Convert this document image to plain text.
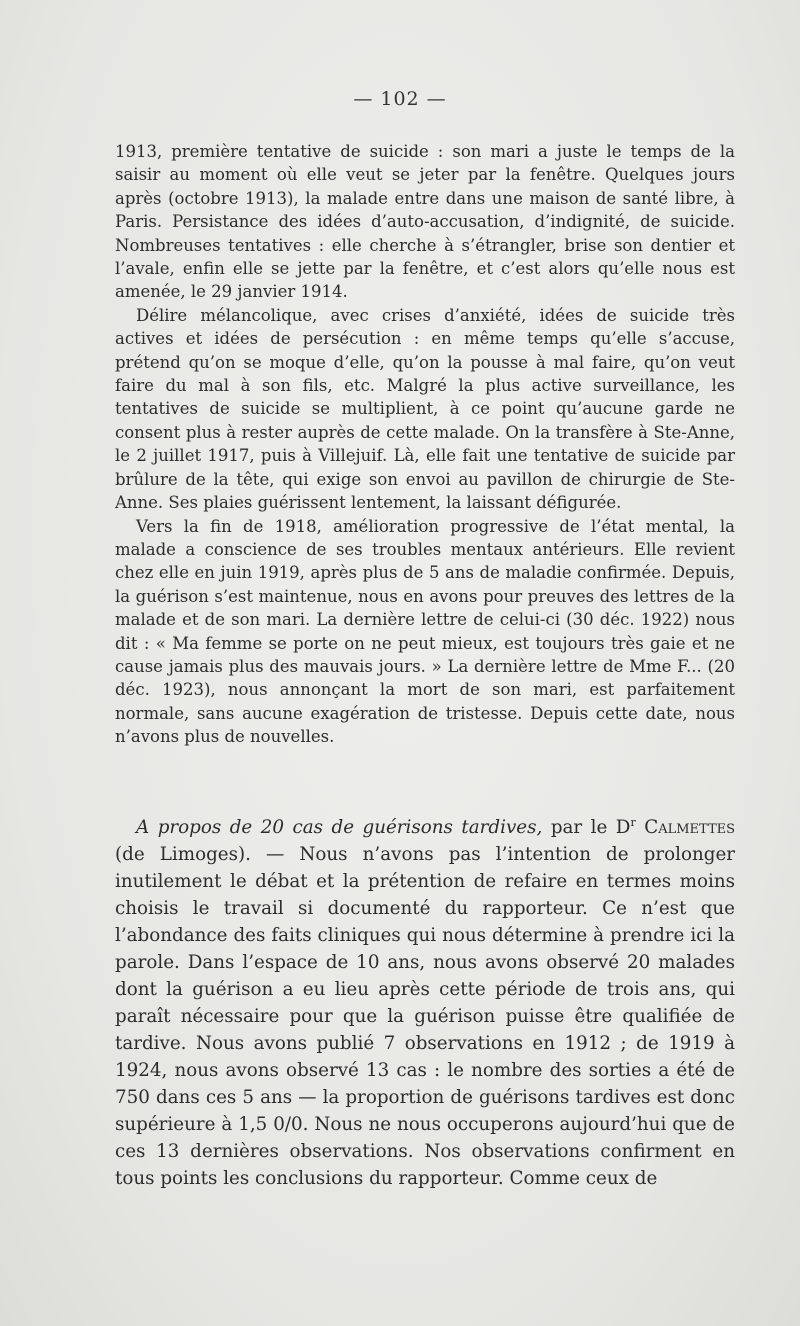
— 102 —

1913, première tentative de suicide : son mari a juste le temps de la saisir au moment où elle veut se jeter par la fenêtre. Quelques jours après (octobre 1913), la malade entre dans une maison de santé libre, à Paris. Persistance des idées d’auto-accusation, d’indignité, de suicide. Nombreuses tentatives : elle cherche à s’étrangler, brise son dentier et l’avale, enfin elle se jette par la fenêtre, et c’est alors qu’elle nous est amenée, le 29 janvier 1914.

Délire mélancolique, avec crises d’anxiété, idées de suicide très actives et idées de persécution : en même temps qu’elle s’accuse, prétend qu’on se moque d’elle, qu’on la pousse à mal faire, qu’on veut faire du mal à son fils, etc. Malgré la plus active surveillance, les tentatives de suicide se multiplient, à ce point qu’aucune garde ne consent plus à rester auprès de cette malade. On la transfère à Ste-Anne, le 2 juillet 1917, puis à Villejuif. Là, elle fait une tentative de suicide par brûlure de la tête, qui exige son envoi au pavillon de chirurgie de Ste-Anne. Ses plaies guérissent lentement, la laissant défigurée.

Vers la fin de 1918, amélioration progressive de l’état mental, la malade a conscience de ses troubles mentaux antérieurs. Elle revient chez elle en juin 1919, après plus de 5 ans de maladie confirmée. Depuis, la guérison s’est maintenue, nous en avons pour preuves des lettres de la malade et de son mari. La dernière lettre de celui-ci (30 déc. 1922) nous dit : « Ma femme se porte on ne peut mieux, est toujours très gaie et ne cause jamais plus des mauvais jours. » La dernière lettre de Mme F... (20 déc. 1923), nous annonçant la mort de son mari, est parfaitement normale, sans aucune exagération de tristesse. Depuis cette date, nous n’avons plus de nouvelles.

A propos de 20 cas de guérisons tardives, par le $D^r$ Calmettes (de Limoges). — Nous n’avons pas l’intention de prolonger inutilement le débat et la prétention de refaire en termes moins choisis le travail si documenté du rapporteur. Ce n’est que l’abondance des faits cliniques qui nous détermine à prendre ici la parole. Dans l’espace de 10 ans, nous avons observé 20 malades dont la guérison a eu lieu après cette période de trois ans, qui paraît nécessaire pour que la guérison puisse être qualifiée de tardive. Nous avons publié 7 observations en 1912 ; de 1919 à 1924, nous avons observé 13 cas : le nombre des sorties a été de 750 dans ces 5 ans — la proportion de guérisons tardives est donc supérieure à 1,5 0/0. Nous ne nous occuperons aujourd’hui que de ces 13 dernières observations. Nos observations confirment en tous points les conclusions du rapporteur. Comme ceux de
